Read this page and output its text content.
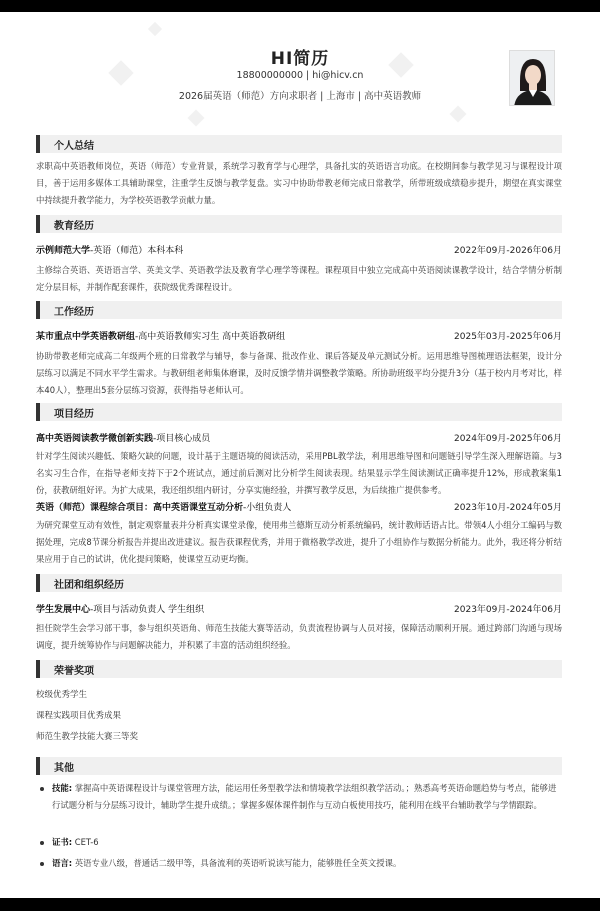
HI简历
18800000000 | hi@hicv.cn
2026届英语（师范）方向求职者 | 上海市 | 高中英语教师
个人总结
求职高中英语教师岗位，英语（师范）专业背景，系统学习教育学与心理学，具备扎实的英语语言功底。在校期间参与教学见习与课程设计项目，善于运用多媒体工具辅助课堂，注重学生反馈与教学复盘。实习中协助带教老师完成日常教学，所带班级成绩稳步提升，期望在真实课堂中持续提升教学能力，为学校英语教学贡献力量。
教育经历
示例师范大学-英语（师范）本科本科	2022年09月-2026年06月
主修综合英语、英语语言学、英美文学、英语教学法及教育学心理学等课程。课程项目中独立完成高中英语阅读课教学设计，结合学情分析制定分层目标，并制作配套课件，获院级优秀课程设计。
工作经历
某市重点中学英语教研组-高中英语教师实习生 高中英语教研组	2025年03月-2025年06月
协助带教老师完成高二年级两个班的日常教学与辅导，参与备课、批改作业、课后答疑及单元测试分析。运用思维导图梳理语法框架，设计分层练习以满足不同水平学生需求。与教研组老师集体磨课，及时反馈学情并调整教学策略。所协助班级平均分提升3分（基于校内月考对比，样本40人），整理出5套分层练习资源，获得指导老师认可。
项目经历
高中英语阅读教学微创新实践-项目核心成员	2024年09月-2025年06月
针对学生阅读兴趣低、策略欠缺的问题，设计基于主题语境的阅读活动，采用PBL教学法，利用思维导图和问题链引导学生深入理解语篇。与3名实习生合作，在指导老师支持下于2个班试点，通过前后测对比分析学生阅读表现。结果显示学生阅读测试正确率提升12%，形成教案集1份，获教研组好评。为扩大成果，我还组织组内研讨，分享实施经验，并撰写教学反思，为后续推广提供参考。
英语（师范）课程综合项目：高中英语课堂互动分析-小组负责人	2023年10月-2024年05月
为研究课堂互动有效性，制定观察量表并分析真实课堂录像，使用弗兰德斯互动分析系统编码，统计教师话语占比。带领4人小组分工编码与数据处理，完成8节课分析报告并提出改进建议。报告获课程优秀，并用于微格教学改进，提升了小组协作与数据分析能力。此外，我还将分析结果应用于自己的试讲，优化提问策略，使课堂互动更均衡。
社团和组织经历
学生发展中心-项目与活动负责人 学生组织	2023年09月-2024年06月
担任院学生会学习部干事，参与组织英语角、师范生技能大赛等活动，负责流程协调与人员对接，保障活动顺利开展。通过跨部门沟通与现场调度，提升统筹协作与问题解决能力，并积累了丰富的活动组织经验。
荣誉奖项
校级优秀学生
课程实践项目优秀成果
师范生教学技能大赛三等奖
其他
技能: 掌握高中英语课程设计与课堂管理方法，能运用任务型教学法和情境教学法组织教学活动。；熟悉高考英语命题趋势与考点，能够进行试题分析与分层练习设计，辅助学生提升成绩。；掌握多媒体课件制作与互动白板使用技巧，能利用在线平台辅助教学与学情跟踪。
证书: CET-6
语言: 英语专业八级，普通话二级甲等，具备流利的英语听说读写能力，能够胜任全英文授课。
